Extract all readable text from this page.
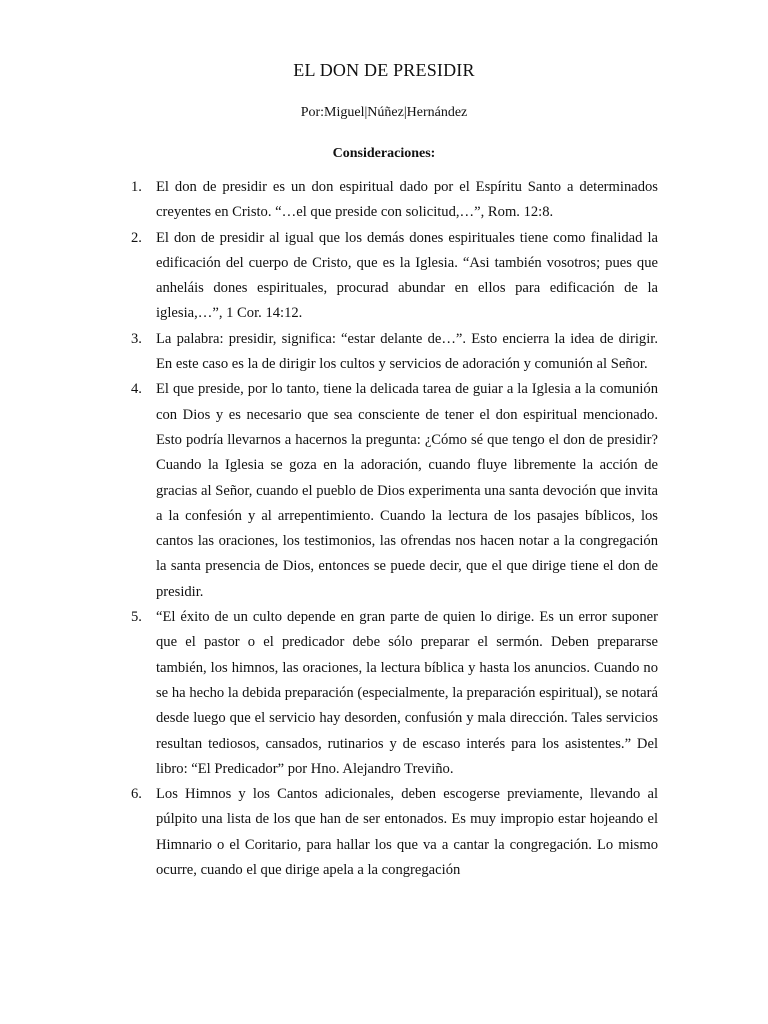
EL DON DE PRESIDIR
Por:Miguel|Núñez|Hernández
Consideraciones:
1. El don de presidir es un don espiritual dado por el Espíritu Santo a determinados creyentes en Cristo. “…el que preside con solicitud,…”, Rom. 12:8.
2. El don de presidir al igual que los demás dones espirituales tiene como finalidad la edificación del cuerpo de Cristo, que es la Iglesia. “Asi también vosotros; pues que anheláis dones espirituales, procurad abundar en ellos para edificación de la iglesia,…”, 1 Cor. 14:12.
3. La palabra: presidir, significa: “estar delante de…”. Esto encierra la idea de dirigir. En este caso es la de dirigir los cultos y servicios de adoración y comunión al Señor.
4. El que preside, por lo tanto, tiene la delicada tarea de guiar a la Iglesia a la comunión con Dios y es necesario que sea consciente de tener el don espiritual mencionado. Esto podría llevarnos a hacernos la pregunta: ¿Cómo sé que tengo el don de presidir? Cuando la Iglesia se goza en la adoración, cuando fluye libremente la acción de gracias al Señor, cuando el pueblo de Dios experimenta una santa devoción que invita a la confesión y al arrepentimiento. Cuando la lectura de los pasajes bíblicos, los cantos las oraciones, los testimonios, las ofrendas nos hacen notar a la congregación la santa presencia de Dios, entonces se puede decir, que el que dirige tiene el don de presidir.
5. “El éxito de un culto depende en gran parte de quien lo dirige. Es un error suponer que el pastor o el predicador debe sólo preparar el sermón. Deben prepararse también, los himnos, las oraciones, la lectura bíblica y hasta los anuncios. Cuando no se ha hecho la debida preparación (especialmente, la preparación espiritual), se notará desde luego que el servicio hay desorden, confusión y mala dirección. Tales servicios resultan tediosos, cansados, rutinarios y de escaso interés para los asistentes.” Del libro: “El Predicador” por Hno. Alejandro Treviño.
6. Los Himnos y los Cantos adicionales, deben escogerse previamente, llevando al púlpito una lista de los que han de ser entonados. Es muy impropio estar hojeando el Himnario o el Coritario, para hallar los que va a cantar la congregación. Lo mismo ocurre, cuando el que dirige apela a la congregación
